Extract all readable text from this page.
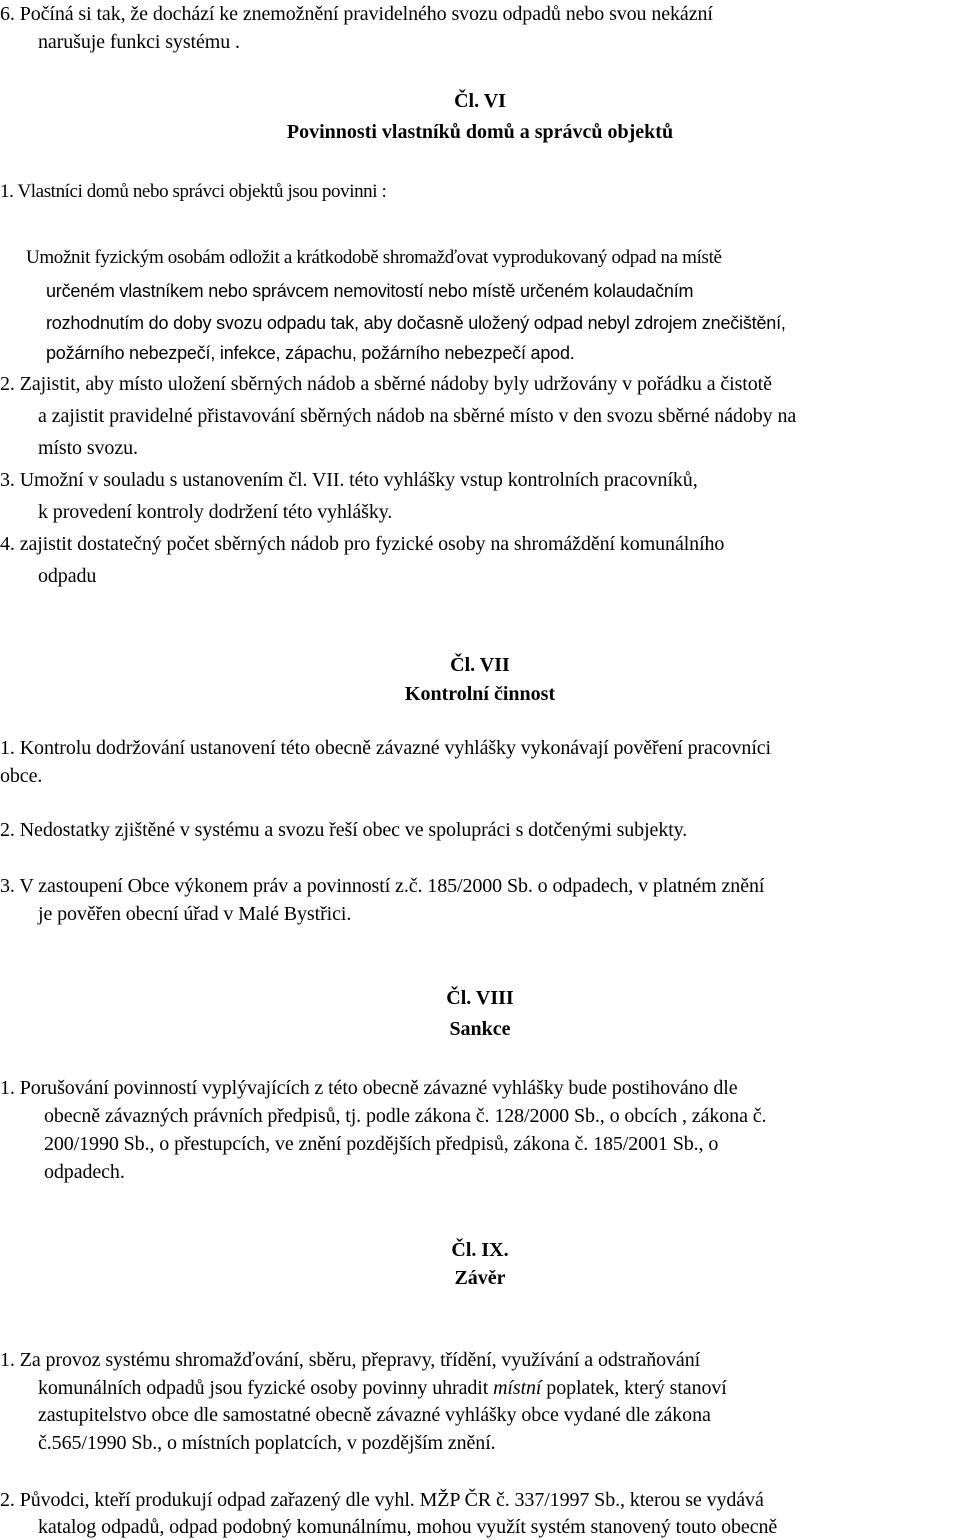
6. Počíná si tak, že dochází ke znemožnění pravidelného svozu odpadů nebo svou nekázní
narušuje funkci systému .
Čl. VI
Povinnosti vlastníků domů a správců objektů
1. Vlastníci domů nebo správci objektů jsou povinni :
Umožnit fyzickým osobám odložit a krátkodobě shromažďovat vyprodukovaný odpad na místě
určeném vlastníkem nebo správcem nemovitostí nebo místě určeném kolaudačním
rozhodnutím do doby svozu odpadu tak, aby dočasně uložený odpad nebyl zdrojem znečištění,
požárního nebezpečí, infekce, zápachu, požárního nebezpečí apod.
2. Zajistit, aby místo uložení sběrných nádob a sběrné nádoby byly udržovány v pořádku a čistotě
a zajistit pravidelné přistavování sběrných nádob na sběrné místo v den svozu sběrné nádoby na
místo svozu.
3. Umožní v souladu s ustanovením čl. VII. této vyhlášky vstup kontrolních pracovníků,
k provedení kontroly dodržení této vyhlášky.
4. zajistit dostatečný počet sběrných nádob pro fyzické osoby na shromáždění komunálního
odpadu
Čl. VII
Kontrolní činnost
1. Kontrolu dodržování ustanovení této obecně závazné vyhlášky vykonávají pověření pracovníci
obce.
2. Nedostatky zjištěné v systému a svozu řeší obec ve spolupráci s dotčenými subjekty.
3. V zastoupení Obce výkonem práv a povinností z.č. 185/2000 Sb. o odpadech, v platném znění
je pověřen obecní úřad v Malé Bystřici.
Čl. VIII
Sankce
1. Porušování povinností vyplývajících z této obecně závazné vyhlášky bude postihováno dle
obecně závazných právních předpisů, tj. podle zákona č. 128/2000 Sb., o obcích , zákona č.
200/1990 Sb., o přestupcích, ve znění pozdějších předpisů, zákona č. 185/2001 Sb., o
odpadech.
Čl. IX.
Závěr
1. Za provoz systému shromažďování, sběru, přepravy, třídění, využívání a odstraňování
komunálních odpadů jsou fyzické osoby povinny uhradit místní poplatek, který stanoví
zastupitelstvo obce dle samostatné obecně závazné vyhlášky obce vydané dle zákona
č.565/1990 Sb., o místních poplatcích, v pozdějším znění.
2. Původci, kteří produkují odpad zařazený dle vyhl. MŽP ČR č. 337/1997 Sb., kterou se vydává
katalog odpadů, odpad podobný komunálnímu, mohou využít systém stanovený touto obecně
